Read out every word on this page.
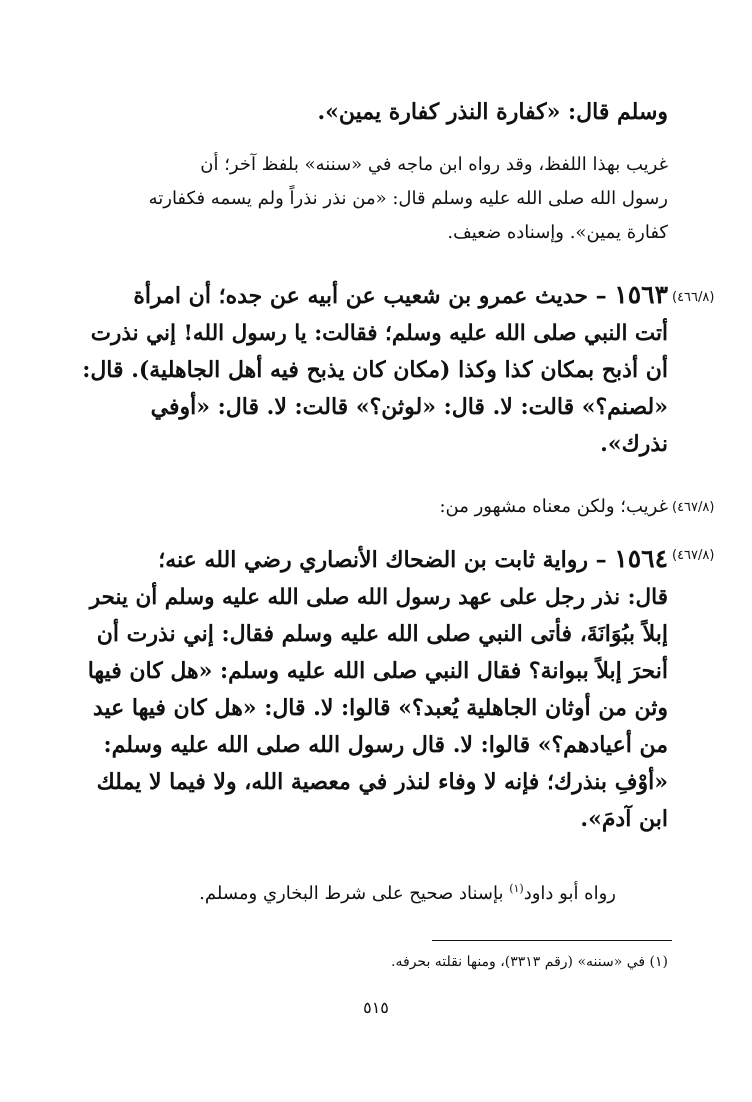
وسلم قال: «كفارة النذر كفارة يمين».
غريب بهذا اللفظ، وقد رواه ابن ماجه في «سننه» بلفظ آخر؛ أن
رسول الله صلى الله عليه وسلم قال: «من نذر نذراً ولم يسمه فكفارته
كفارة يمين». وإسناده ضعيف.
(٤٦٦/٨)
١٥٦٣ – حديث عمرو بن شعيب عن أبيه عن جده؛ أن امرأة
أتت النبي صلى الله عليه وسلم؛ فقالت: يا رسول الله! إني نذرت
أن أذبح بمكان كذا وكذا (مكان كان يذبح فيه أهل الجاهلية). قال:
«لصنم؟» قالت: لا. قال: «لوثن؟» قالت: لا. قال: «أوفي
نذرك».
(٤٦٧/٨)
غريب؛ ولكن معناه مشهور من:
(٤٦٧/٨)
١٥٦٤ – رواية ثابت بن الضحاك الأنصاري رضي الله عنه؛
قال: نذر رجل على عهد رسول الله صلى الله عليه وسلم أن ينحر
إبلاً ببُوَانَةَ، فأتى النبي صلى الله عليه وسلم فقال: إني نذرت أن
أنحرَ إبلاً ببوانة؟ فقال النبي صلى الله عليه وسلم: «هل كان فيها
وثن من أوثان الجاهلية يُعبد؟» قالوا: لا. قال: «هل كان فيها عيد
من أعيادهم؟» قالوا: لا. قال رسول الله صلى الله عليه وسلم:
«أوْفِ بنذرك؛ فإنه لا وفاء لنذر في معصية الله، ولا فيما لا يملك
ابن آدمَ».
رواه أبو داود$^{(١)}$ بإسناد صحيح على شرط البخاري ومسلم.
(١) في «سننه» (رقم ٣٣١٣)، ومنها نقلته بحرفه.
٥١٥
